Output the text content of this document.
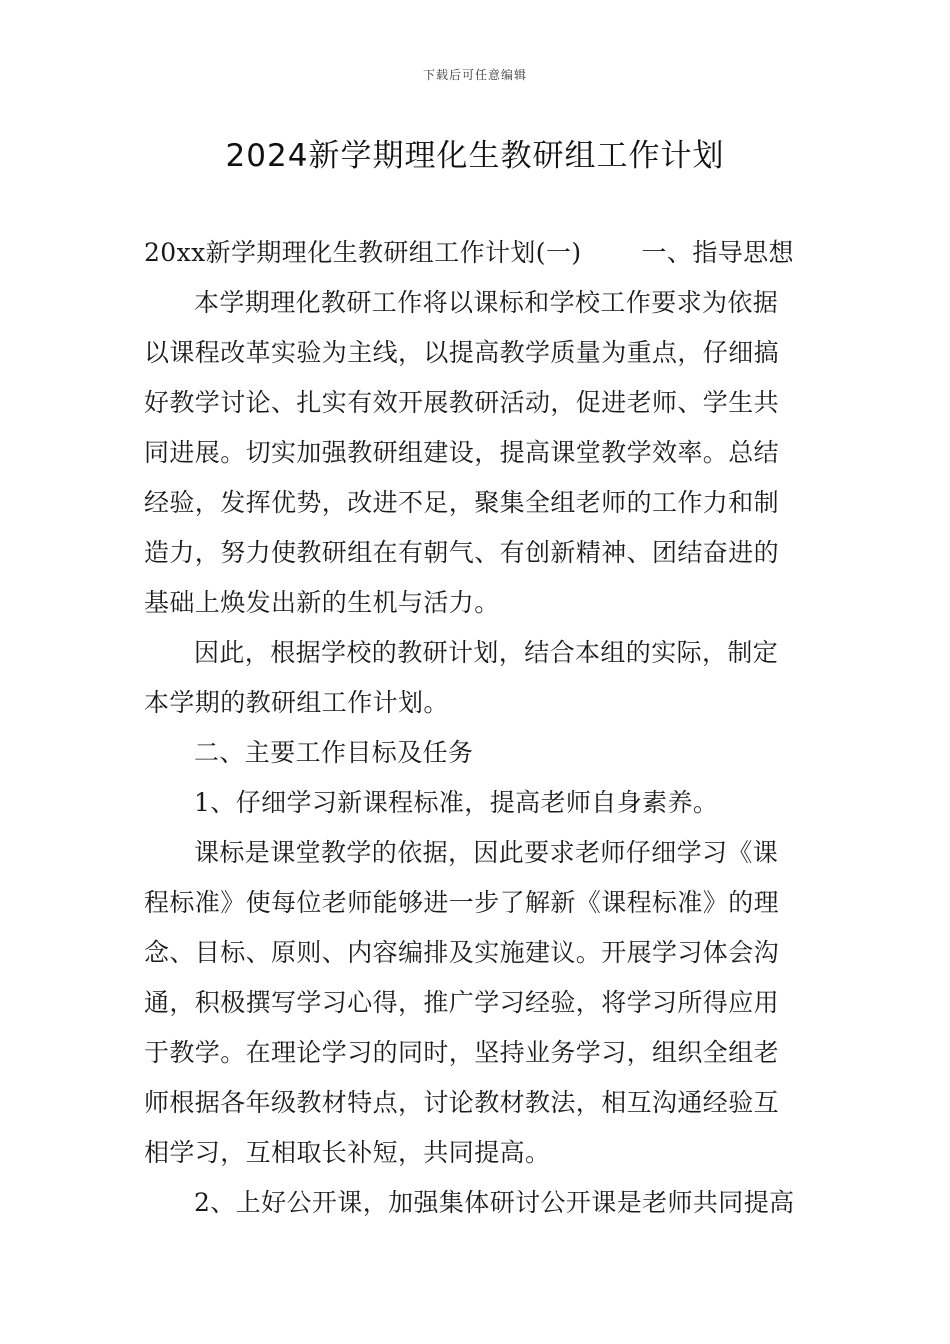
下载后可任意编辑
2024新学期理化生教研组工作计划
20xx新学期理化生教研组工作计划(一) 一、指导思想
本学期理化教研工作将以课标和学校工作要求为依据
以课程改革实验为主线，以提高教学质量为重点，仔细搞
好教学讨论、扎实有效开展教研活动，促进老师、学生共
同进展。切实加强教研组建设，提高课堂教学效率。总结
经验，发挥优势，改进不足，聚集全组老师的工作力和制
造力，努力使教研组在有朝气、有创新精神、团结奋进的
基础上焕发出新的生机与活力。
因此，根据学校的教研计划，结合本组的实际，制定
本学期的教研组工作计划。
二、主要工作目标及任务
1、仔细学习新课程标准，提高老师自身素养。
课标是课堂教学的依据，因此要求老师仔细学习《课
程标准》使每位老师能够进一步了解新《课程标准》的理
念、目标、原则、内容编排及实施建议。开展学习体会沟
通，积极撰写学习心得，推广学习经验，将学习所得应用
于教学。在理论学习的同时，坚持业务学习，组织全组老
师根据各年级教材特点，讨论教材教法，相互沟通经验互
相学习，互相取长补短，共同提高。
2、上好公开课，加强集体研讨公开课是老师共同提高
